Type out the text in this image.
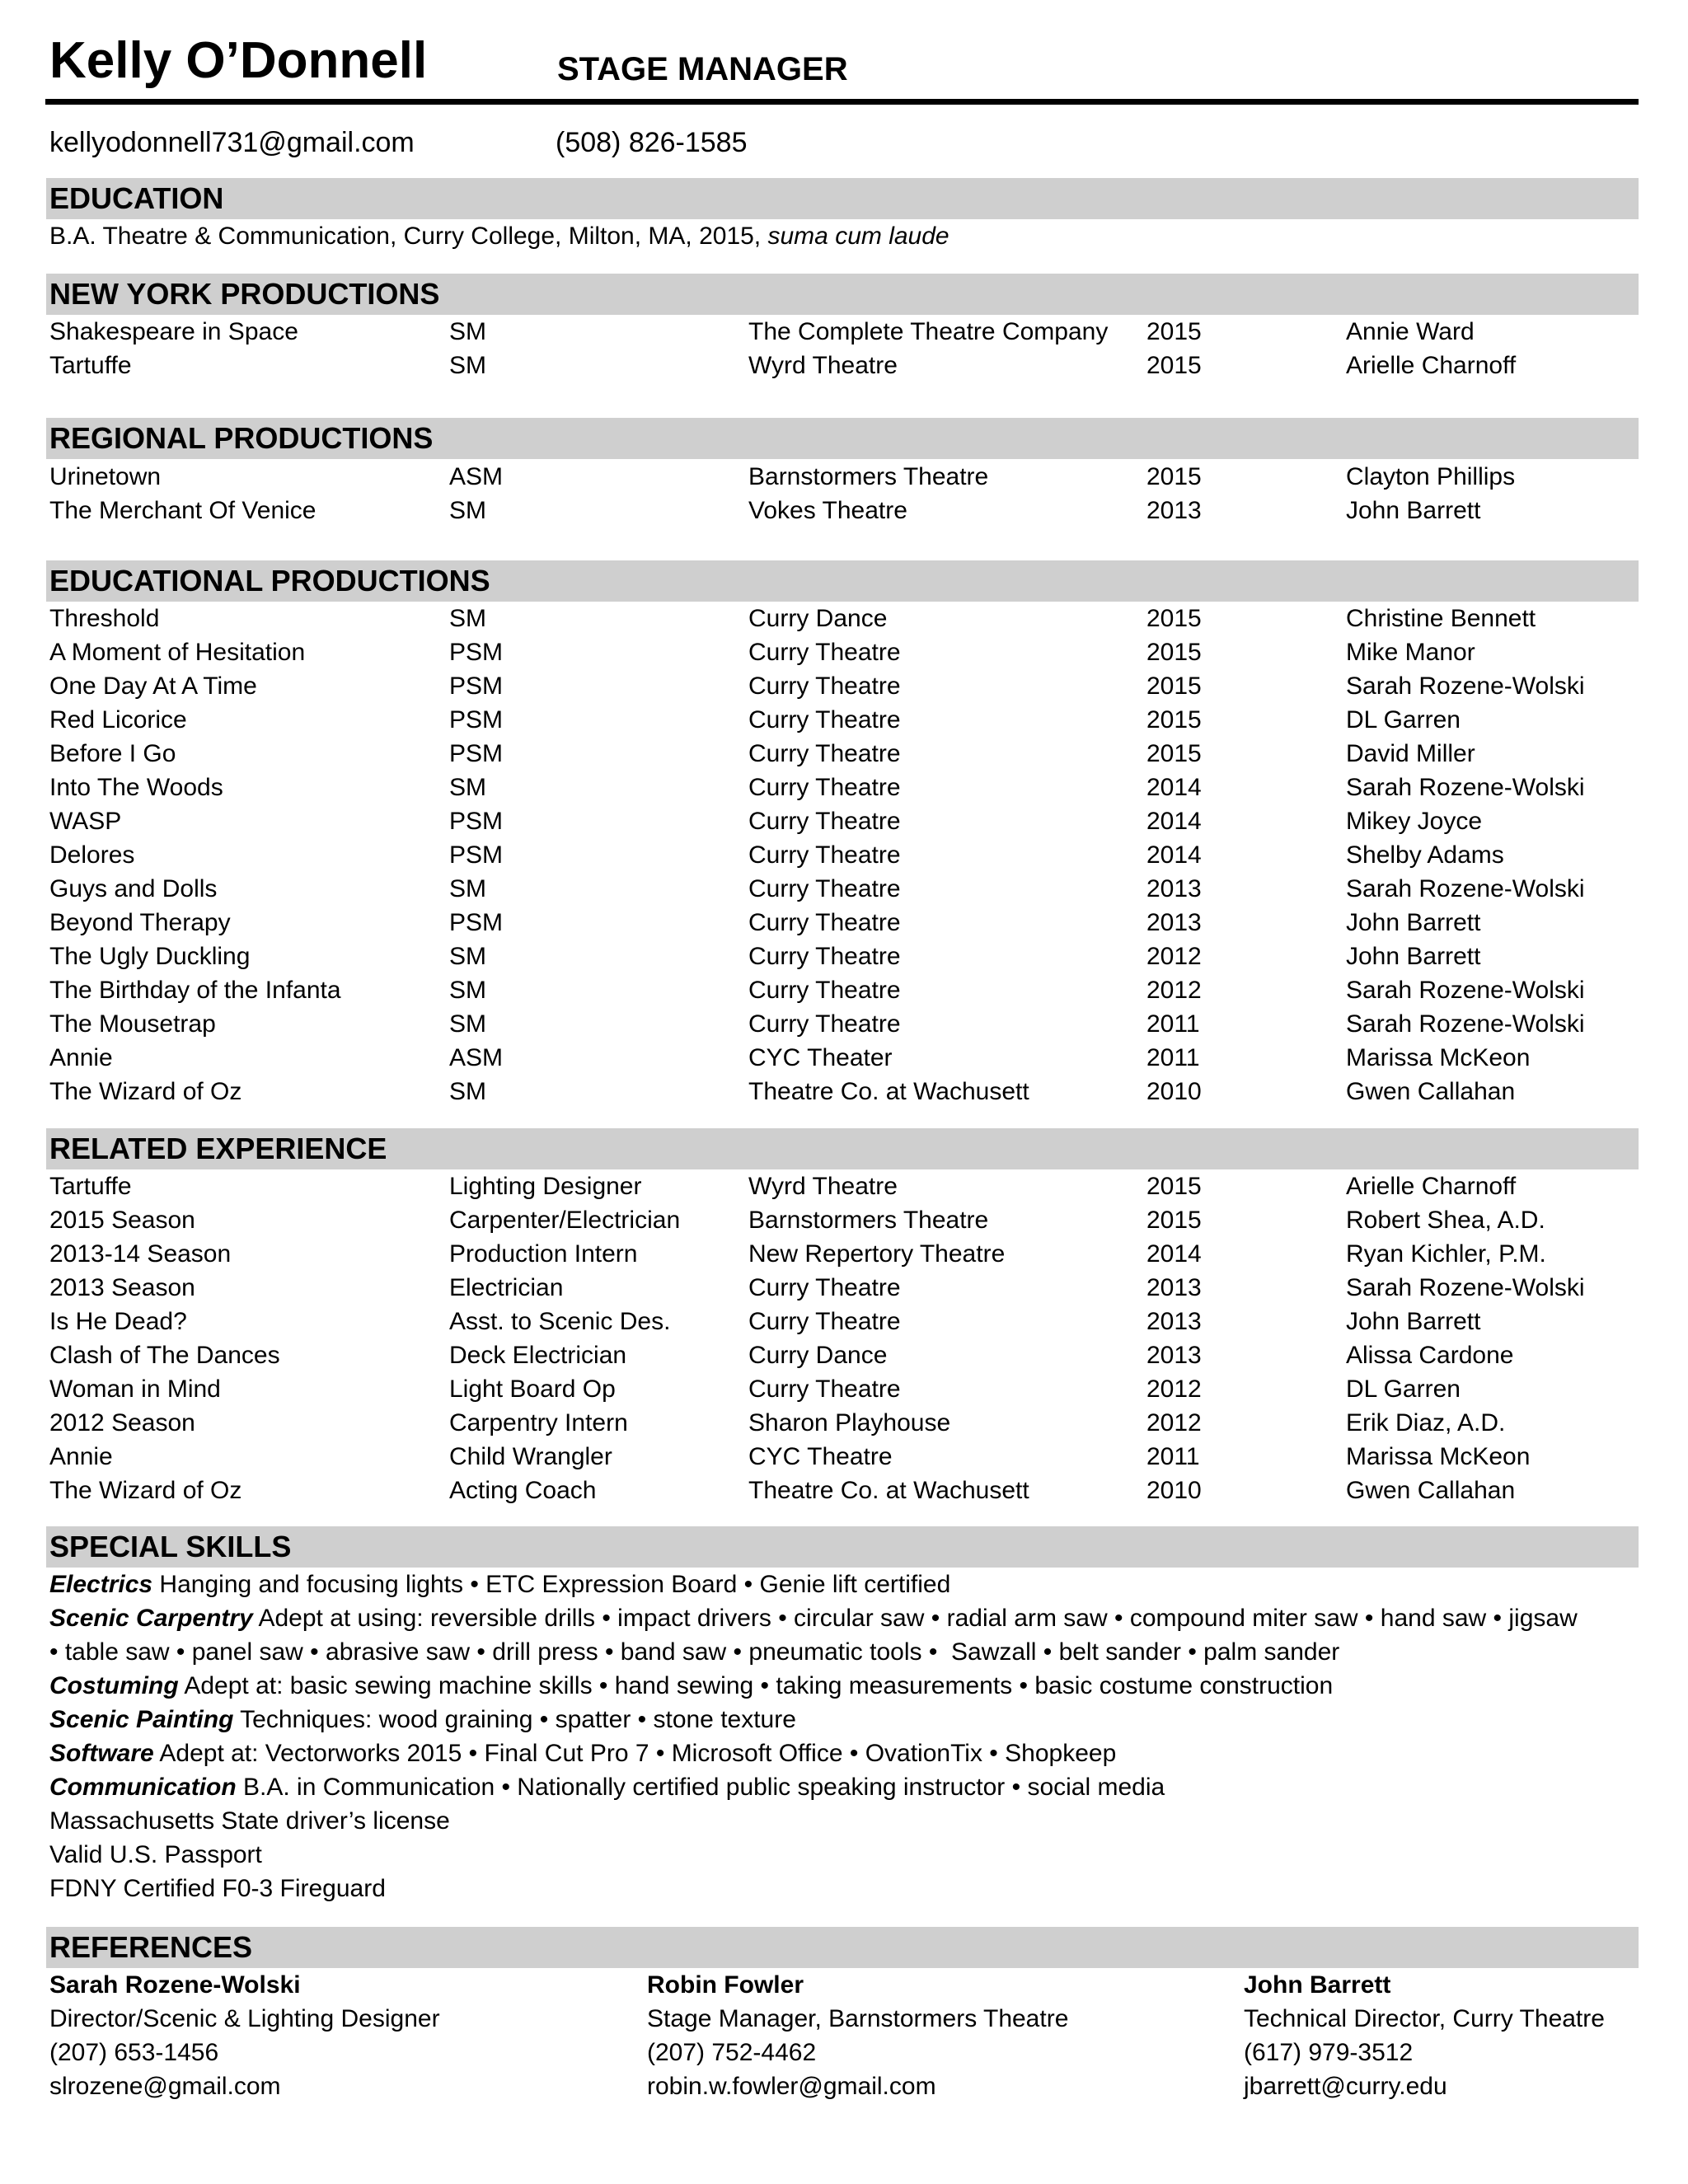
Kelly O’Donnell	STAGE MANAGER
kellyodonnell731@gmail.com	(508) 826-1585
EDUCATION
B.A. Theatre & Communication, Curry College, Milton, MA, 2015, suma cum laude
NEW YORK PRODUCTIONS
Shakespeare in Space	SM	The Complete Theatre Company 2015	Annie Ward
Tartuffe	SM	Wyrd Theatre	2015	Arielle Charnoff
REGIONAL PRODUCTIONS
Urinetown	ASM	Barnstormers Theatre	2015	Clayton Phillips
The Merchant Of Venice	SM	Vokes Theatre	2013	John Barrett
EDUCATIONAL PRODUCTIONS
Threshold	SM	Curry Dance	2015	Christine Bennett
A Moment of Hesitation	PSM	Curry Theatre	2015	Mike Manor
One Day At A Time	PSM	Curry Theatre	2015	Sarah Rozene-Wolski
Red Licorice	PSM	Curry Theatre	2015	DL Garren
Before I Go	PSM	Curry Theatre	2015	David Miller
Into The Woods	SM	Curry Theatre	2014	Sarah Rozene-Wolski
WASP	PSM	Curry Theatre	2014	Mikey Joyce
Delores	PSM	Curry Theatre	2014	Shelby Adams
Guys and Dolls	SM	Curry Theatre	2013	Sarah Rozene-Wolski
Beyond Therapy	PSM	Curry Theatre	2013	John Barrett
The Ugly Duckling	SM	Curry Theatre	2012	John Barrett
The Birthday of the Infanta	SM	Curry Theatre	2012	Sarah Rozene-Wolski
The Mousetrap	SM	Curry Theatre	2011	Sarah Rozene-Wolski
Annie	ASM	CYC Theater	2011	Marissa McKeon
The Wizard of Oz	SM	Theatre Co. at Wachusett	2010	Gwen Callahan
RELATED EXPERIENCE
Tartuffe	Lighting Designer	Wyrd Theatre	2015	Arielle Charnoff
2015 Season	Carpenter/Electrician	Barnstormers Theatre	2015	Robert Shea, A.D.
2013-14 Season	Production Intern	New Repertory Theatre	2014	Ryan Kichler, P.M.
2013 Season	Electrician	Curry Theatre	2013	Sarah Rozene-Wolski
Is He Dead?	Asst. to Scenic Des.	Curry Theatre	2013	John Barrett
Clash of The Dances	Deck Electrician	Curry Dance	2013	Alissa Cardone
Woman in Mind	Light Board Op	Curry Theatre	2012	DL Garren
2012 Season	Carpentry Intern	Sharon Playhouse	2012	Erik Diaz, A.D.
Annie	Child Wrangler	CYC Theatre	2011	Marissa McKeon
The Wizard of Oz	Acting Coach	Theatre Co. at Wachusett	2010	Gwen Callahan
SPECIAL SKILLS
Electrics Hanging and focusing lights • ETC Expression Board • Genie lift certified
Scenic Carpentry Adept at using: reversible drills • impact drivers • circular saw • radial arm saw • compound miter saw • hand saw • jigsaw
• table saw • panel saw • abrasive saw • drill press • band saw • pneumatic tools •  Sawzall • belt sander • palm sander
Costuming Adept at: basic sewing machine skills • hand sewing • taking measurements • basic costume construction
Scenic Painting Techniques: wood graining • spatter • stone texture
Software Adept at: Vectorworks 2015 • Final Cut Pro 7 • Microsoft Office • OvationTix • Shopkeep
Communication B.A. in Communication • Nationally certified public speaking instructor • social media
Massachusetts State driver’s license
Valid U.S. Passport
FDNY Certified F0-3 Fireguard
REFERENCES
Sarah Rozene-Wolski
Director/Scenic & Lighting Designer
(207) 653-1456
slrozene@gmail.com
Robin Fowler
Stage Manager, Barnstormers Theatre
(207) 752-4462
robin.w.fowler@gmail.com
John Barrett
Technical Director, Curry Theatre
(617) 979-3512
jbarrett@curry.edu
